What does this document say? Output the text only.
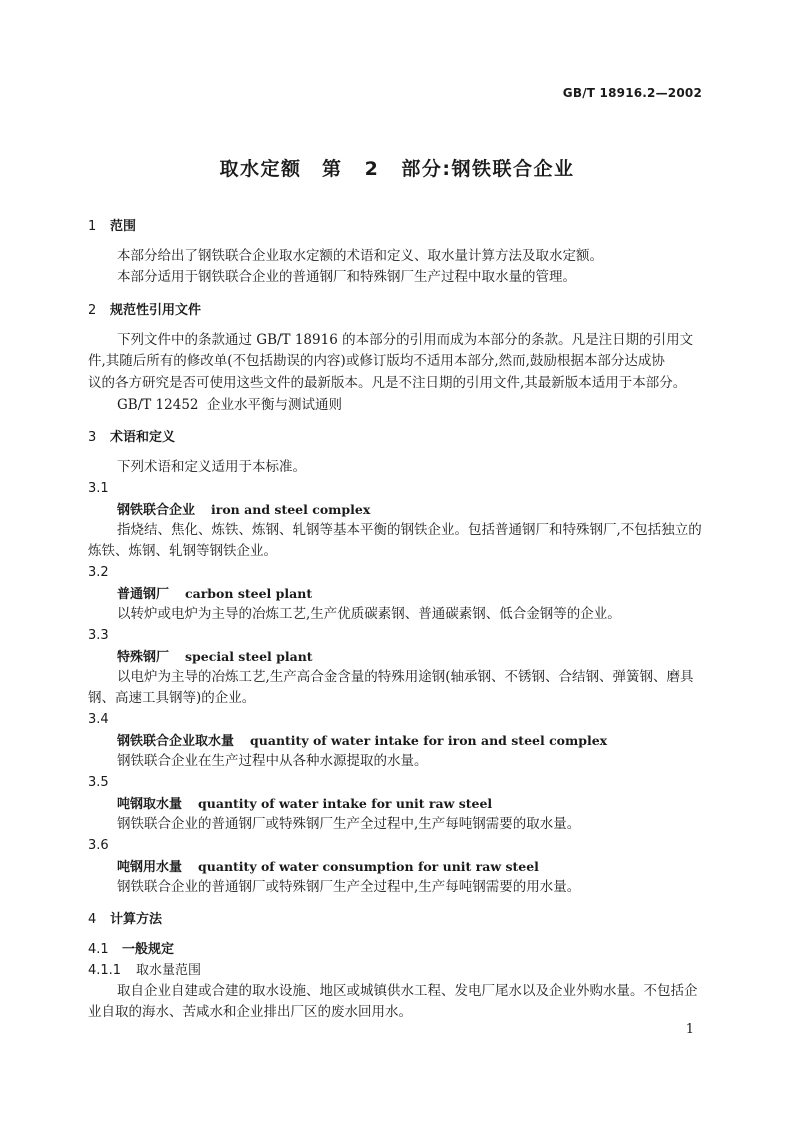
GB/T 18916.2—2002
取水定额　第 2 部分:钢铁联合企业
1 范围
本部分给出了钢铁联合企业取水定额的术语和定义、取水量计算方法及取水定额。
本部分适用于钢铁联合企业的普通钢厂和特殊钢厂生产过程中取水量的管理。
2 规范性引用文件
下列文件中的条款通过 GB/T 18916 的本部分的引用而成为本部分的条款。凡是注日期的引用文
件,其随后所有的修改单(不包括勘误的内容)或修订版均不适用本部分,然而,鼓励根据本部分达成协
议的各方研究是否可使用这些文件的最新版本。凡是不注日期的引用文件,其最新版本适用于本部分。
GB/T 12452 企业水平衡与测试通则
3 术语和定义
下列术语和定义适用于本标准。
3.1
钢铁联合企业 iron and steel complex
指烧结、焦化、炼铁、炼钢、轧钢等基本平衡的钢铁企业。包括普通钢厂和特殊钢厂,不包括独立的
炼铁、炼钢、轧钢等钢铁企业。
3.2
普通钢厂 carbon steel plant
以转炉或电炉为主导的冶炼工艺,生产优质碳素钢、普通碳素钢、低合金钢等的企业。
3.3
特殊钢厂 special steel plant
以电炉为主导的冶炼工艺,生产高合金含量的特殊用途钢(轴承钢、不锈钢、合结钢、弹簧钢、磨具
钢、高速工具钢等)的企业。
3.4
钢铁联合企业取水量 quantity of water intake for iron and steel complex
钢铁联合企业在生产过程中从各种水源提取的水量。
3.5
吨钢取水量 quantity of water intake for unit raw steel
钢铁联合企业的普通钢厂或特殊钢厂生产全过程中,生产每吨钢需要的取水量。
3.6
吨钢用水量 quantity of water consumption for unit raw steel
钢铁联合企业的普通钢厂或特殊钢厂生产全过程中,生产每吨钢需要的用水量。
4 计算方法
4.1 一般规定
4.1.1 取水量范围
取自企业自建或合建的取水设施、地区或城镇供水工程、发电厂尾水以及企业外购水量。不包括企
业自取的海水、苦咸水和企业排出厂区的废水回用水。
1
